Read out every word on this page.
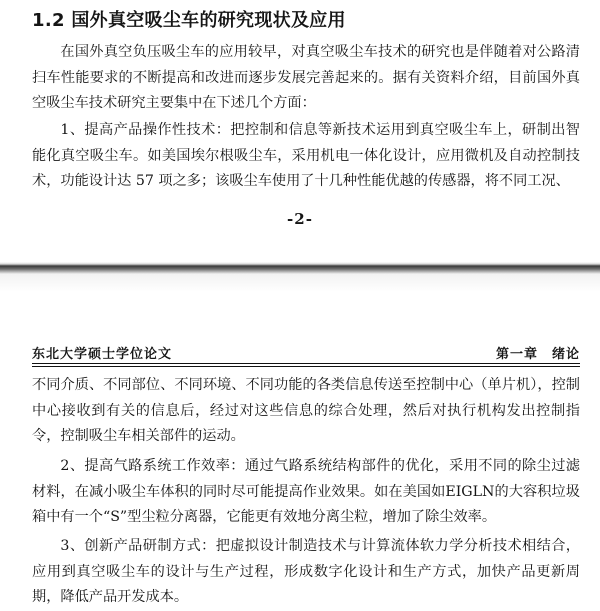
1.2 国外真空吸尘车的研究现状及应用

在国外真空负压吸尘车的应用较早，对真空吸尘车技术的研究也是伴随着对公路清扫车性能要求的不断提高和改进而逐步发展完善起来的。据有关资料介绍，目前国外真空吸尘车技术研究主要集中在下述几个方面：

1、提高产品操作性技术：把控制和信息等新技术运用到真空吸尘车上，研制出智能化真空吸尘车。如美国埃尔根吸尘车，采用机电一体化设计，应用微机及自动控制技术，功能设计达 57 项之多；该吸尘车使用了十几种性能优越的传感器，将不同工况、

-2-
东北大学硕士学位论文	第一章　绪论

不同介质、不同部位、不同环境、不同功能的各类信息传送至控制中心（单片机），控制中心接收到有关的信息后，经过对这些信息的综合处理，然后对执行机构发出控制指令，控制吸尘车相关部件的运动。

2、提高气路系统工作效率：通过气路系统结构部件的优化，采用不同的除尘过滤材料，在减小吸尘车体积的同时尽可能提高作业效果。如在美国如EIGLN的大容积垃圾箱中有一个“S”型尘粒分离器，它能更有效地分离尘粒，增加了除尘效率。

3、创新产品研制方式：把虚拟设计制造技术与计算流体软力学分析技术相结合，应用到真空吸尘车的设计与生产过程，形成数字化设计和生产方式，加快产品更新周期，降低产品开发成本。
